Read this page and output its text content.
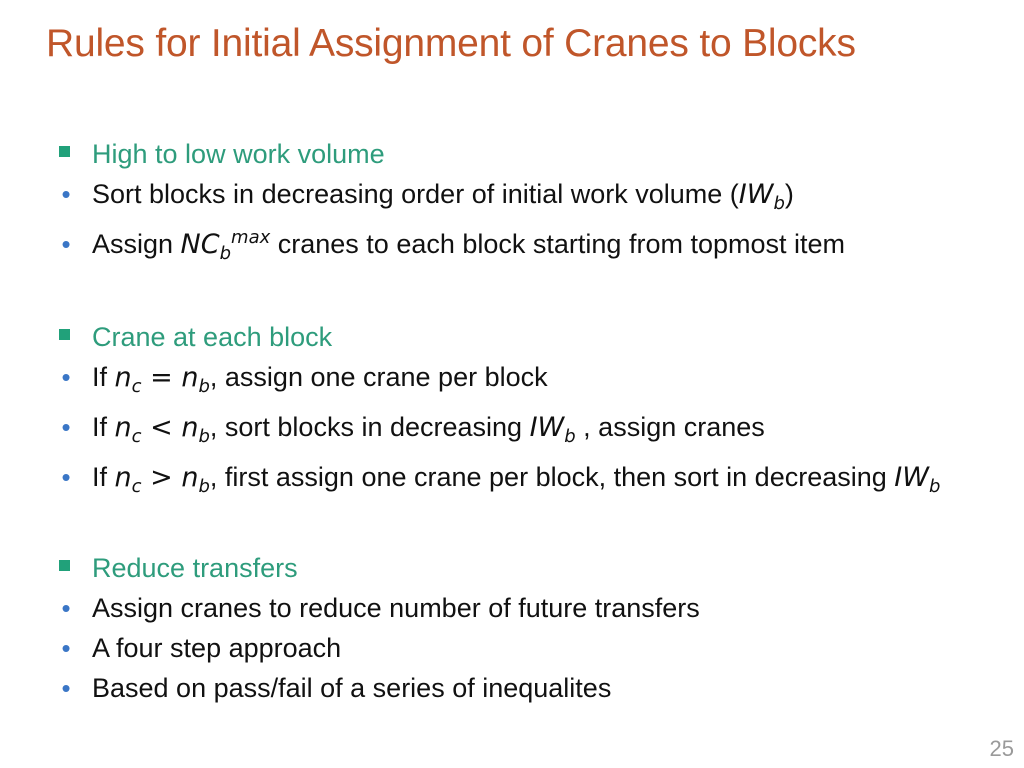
Rules for Initial Assignment of Cranes to Blocks
High to low work volume
• Sort blocks in decreasing order of initial work volume $(IW_b)$
• Assign $NC_b^{max}$ cranes to each block starting from topmost item
Crane at each block
• If $n_c = n_b$, assign one crane per block
• If $n_c < n_b$, sort blocks in decreasing $IW_b$ , assign cranes
• If $n_c > n_b$, first assign one crane per block, then sort in decreasing $IW_b$
Reduce transfers
• Assign cranes to reduce number of future transfers
• A four step approach
• Based on pass/fail of a series of inequalites
25
